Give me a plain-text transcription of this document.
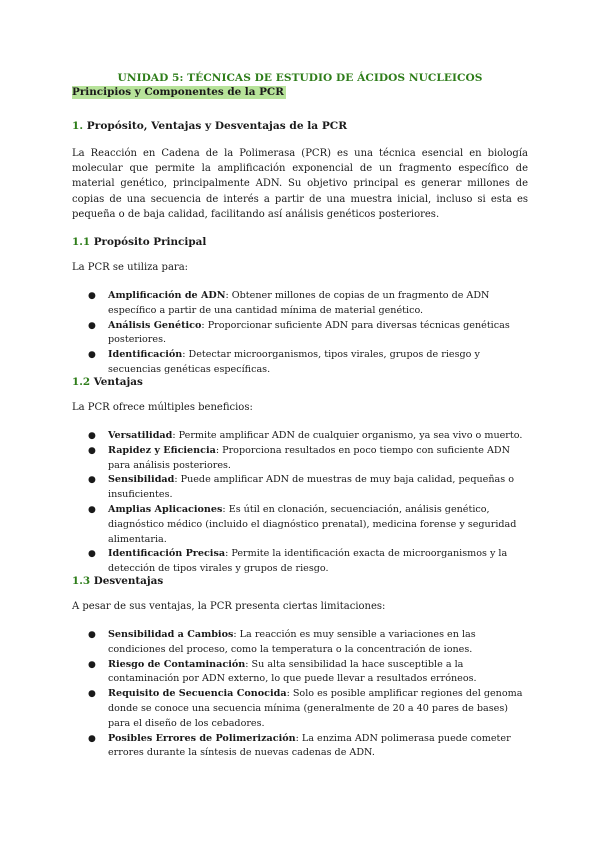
UNIDAD 5: TÉCNICAS DE ESTUDIO DE ÁCIDOS NUCLEICOS
Principios y Componentes de la PCR
1. Propósito, Ventajas y Desventajas de la PCR

La Reacción en Cadena de la Polimerasa (PCR) es una técnica esencial en biología molecular que permite la amplificación exponencial de un fragmento específico de material genético, principalmente ADN. Su objetivo principal es generar millones de copias de una secuencia de interés a partir de una muestra inicial, incluso si esta es pequeña o de baja calidad, facilitando así análisis genéticos posteriores.

1.1 Propósito Principal
La PCR se utiliza para:
● Amplificación de ADN: Obtener millones de copias de un fragmento de ADN específico a partir de una cantidad mínima de material genético.
● Análisis Genético: Proporcionar suficiente ADN para diversas técnicas genéticas posteriores.
● Identificación: Detectar microorganismos, tipos virales, grupos de riesgo y secuencias genéticas específicas.
1.2 Ventajas
La PCR ofrece múltiples beneficios:
● Versatilidad: Permite amplificar ADN de cualquier organismo, ya sea vivo o muerto.
● Rapidez y Eficiencia: Proporciona resultados en poco tiempo con suficiente ADN para análisis posteriores.
● Sensibilidad: Puede amplificar ADN de muestras de muy baja calidad, pequeñas o insuficientes.
● Amplias Aplicaciones: Es útil en clonación, secuenciación, análisis genético, diagnóstico médico (incluido el diagnóstico prenatal), medicina forense y seguridad alimentaria.
● Identificación Precisa: Permite la identificación exacta de microorganismos y la detección de tipos virales y grupos de riesgo.
1.3 Desventajas
A pesar de sus ventajas, la PCR presenta ciertas limitaciones:
● Sensibilidad a Cambios: La reacción es muy sensible a variaciones en las condiciones del proceso, como la temperatura o la concentración de iones.
● Riesgo de Contaminación: Su alta sensibilidad la hace susceptible a la contaminación por ADN externo, lo que puede llevar a resultados erróneos.
● Requisito de Secuencia Conocida: Solo es posible amplificar regiones del genoma donde se conoce una secuencia mínima (generalmente de 20 a 40 pares de bases) para el diseño de los cebadores.
● Posibles Errores de Polimerización: La enzima ADN polimerasa puede cometer errores durante la síntesis de nuevas cadenas de ADN.
